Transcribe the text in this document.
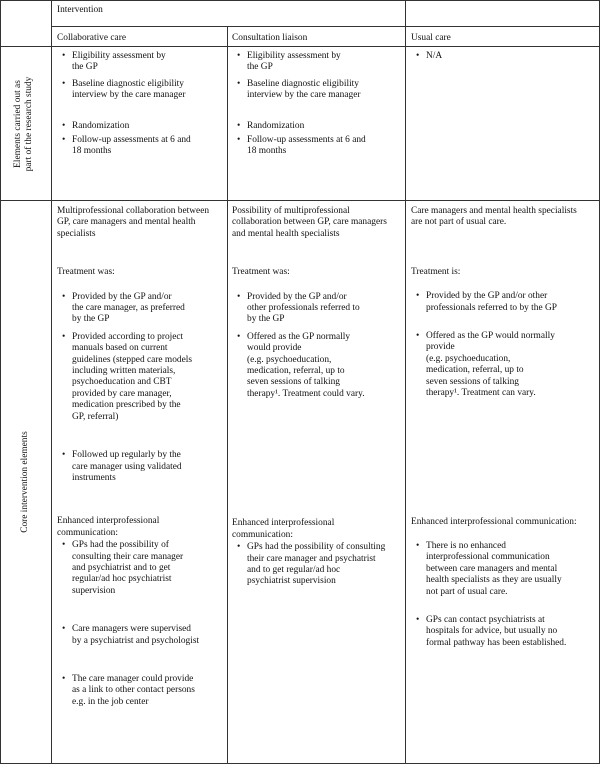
Intervention
Collaborative care	Consultation liaison	Usual care
Elements carried out as part of the research study
Core intervention elements
• Eligibility assessment by
the GP
• Baseline diagnostic eligibility
interview by the care manager
• Randomization
• Follow-up assessments at 6 and
18 months
• Eligibility assessment by
the GP
• Baseline diagnostic eligibility
interview by the care manager
• Randomization
• Follow-up assessments at 6 and
18 months
• N/A

Multiprofessional collaboration between
GP, care managers and mental health
specialists

Treatment was:

• Provided by the GP and/or
the care manager, as preferred
by the GP
• Provided according to project
manuals based on current
guidelines (stepped care models
including written materials,
psychoeducation and CBT
provided by care manager,
medication prescribed by the
GP, referral)
• Followed up regularly by the
care manager using validated
instruments

Enhanced interprofessional
communication:

• GPs had the possibility of
consulting their care manager
and psychiatrist and to get
regular/ad hoc psychiatrist
supervision
• Care managers were supervised
by a psychiatrist and psychologist
• The care manager could provide
as a link to other contact persons
e.g. in the job center

Possibility of multiprofessional
collaboration between GP, care managers
and mental health specialists

Treatment was:

• Provided by the GP and/or
other professionals referred to
by the GP
• Offered as the GP normally
would provide
(e.g. psychoeducation,
medication, referral, up to
seven sessions of talking
therapy¹. Treatment could vary.

Enhanced interprofessional
communication:

• GPs had the possibility of consulting
their care manager and psychatrist
and to get regular/ad hoc
psychiatrist supervision

Care managers and mental health specialists
are not part of usual care.

Treatment is:

• Provided by the GP and/or other
professionals referred to by the GP
• Offered as the GP would normally
provide
(e.g. psychoeducation,
medication, referral, up to
seven sessions of talking
therapy¹. Treatment can vary.

Enhanced interprofessional communication:

• There is no enhanced
interprofessional communication
between care managers and mental
health specialists as they are usually
not part of usual care.
• GPs can contact psychiatrists at
hospitals for advice, but usually no
formal pathway has been established.
